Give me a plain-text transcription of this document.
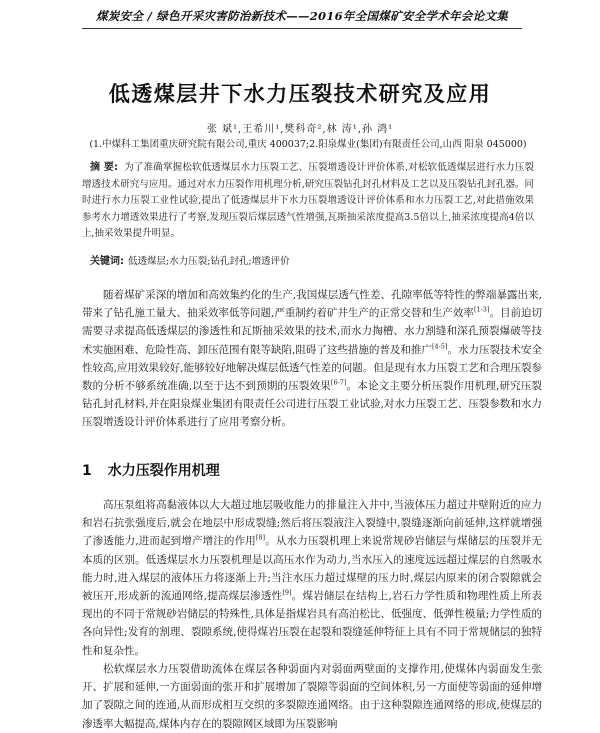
煤炭安全 / 绿色开采灾害防治新技术——2016年全国煤矿安全学术年会论文集
低透煤层井下水力压裂技术研究及应用
张 斌¹,王希川¹,樊科奇²,林 涛¹,孙 鸿¹
(1.中煤科工集团重庆研究院有限公司,重庆 400037;2.阳泉煤业(集团)有限责任公司,山西 阳泉 045000)
摘 要: 为了准确掌握松软低透煤层水力压裂工艺、压裂增透设计评价体系,对松软低透煤层进行水力压裂增透技术研究与应用。通过对水力压裂作用机理分析,研究压裂钻孔封孔材料及工艺以及压裂钻孔封孔器。同时进行水力压裂工业性试验,提出了低透煤层井下水力压裂增透设计评价体系和水力压裂工艺,对此措施效果参考水力增透效果进行了考察,发现压裂后煤层透气性增强,瓦斯抽采浓度提高3.5倍以上,抽采浓度提高4倍以上,抽采效果提升明显。
关键词: 低透煤层;水力压裂;钻孔封孔;增透评价
随着煤矿采深的增加和高效集约化的生产,我国煤层透气性差、孔隙率低等特性的弊端暴露出来,带来了钻孔施工量大、抽采效率低等问题,严重制约着矿井生产的正常交替和生产效率[1-3]。目前迫切需要寻求提高低透煤层的渗透性和瓦斯抽采效果的技术,而水力掏槽、水力割缝和深孔预裂爆破等技术实施困难、危险性高、卸压范围有限等缺陷,阻碍了这些措施的普及和推广[4-5]。水力压裂技术安全性较高,应用效果较好,能够较好地解决煤层低透气性差的问题。但是现有水力压裂工艺和合理压裂参数的分析不够系统准确,以至于达不到预期的压裂效果[6-7]。本论文主要分析压裂作用机理,研究压裂钻孔封孔材料,并在阳泉煤业集团有限责任公司进行压裂工业试验,对水力压裂工艺、压裂参数和水力压裂增透设计评价体系进行了应用考察分析。
1 水力压裂作用机理
高压泵组将高黏液体以大大超过地层吸收能力的排量注入井中,当液体压力超过井壁附近的应力和岩石抗张强度后,就会在地层中形成裂缝;然后将压裂液注入裂缝中,裂缝逐渐向前延伸,这样就增强了渗透能力,进而起到增产增注的作用[8]。从水力压裂机理上来说常规砂岩储层与煤储层的压裂并无本质的区别。低透煤层水力压裂机理是以高压水作为动力,当水压入的速度远远超过煤层的自然吸水能力时,进入煤层的液体压力将逐渐上升;当注水压力超过煤壁的压力时,煤层内原来的闭合裂隙就会被压开,形成新的流通网络,提高煤层渗透性[9]。煤岩储层在结构上,岩石力学性质和物理性质上所表现出的不同于常规砂岩储层的特殊性,具体是指煤岩具有高泊松比、低强度、低弹性模量;力学性质的各向异性;发育的割理、裂隙系统,使得煤岩压裂在起裂和裂缝延伸特征上具有不同于常规储层的独特性和复杂性。
松软煤层水力压裂借助流体在煤层各种弱面内对弱面两壁面的支撑作用,使煤体内弱面发生张开、扩展和延伸,一方面弱面的张开和扩展增加了裂隙等弱面的空间体积,另一方面使等弱面的延伸增加了裂隙之间的连通,从而形成相互交织的多裂隙连通网络。由于这种裂隙连通网络的形成,使煤层的渗透率大幅提高,煤体内存在的裂隙网区域即为压裂影响
